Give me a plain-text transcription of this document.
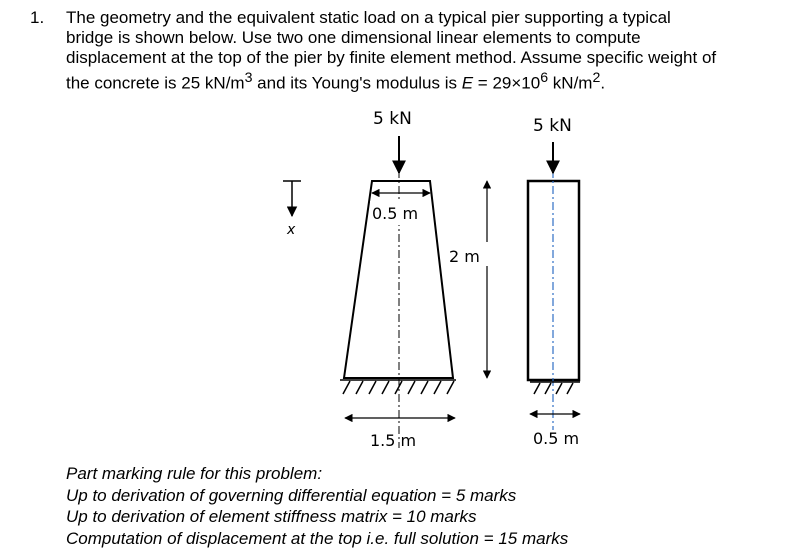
1. The geometry and the equivalent static load on a typical pier supporting a typical
bridge is shown below. Use two one dimensional linear elements to compute
displacement at the top of the pier by finite element method. Assume specific weight of
the concrete is 25 $kN/m^3$ and its Young's modulus is $E = 29\times 10^6$ $kN/m^2$.
x
5 kN
0.5 m
1.5 m
2 m
5 kN
0.5 m
Part marking rule for this problem:
Up to derivation of governing differential equation = 5 marks
Up to derivation of element stiffness matrix = 10 marks
Computation of displacement at the top i.e. full solution = 15 marks
